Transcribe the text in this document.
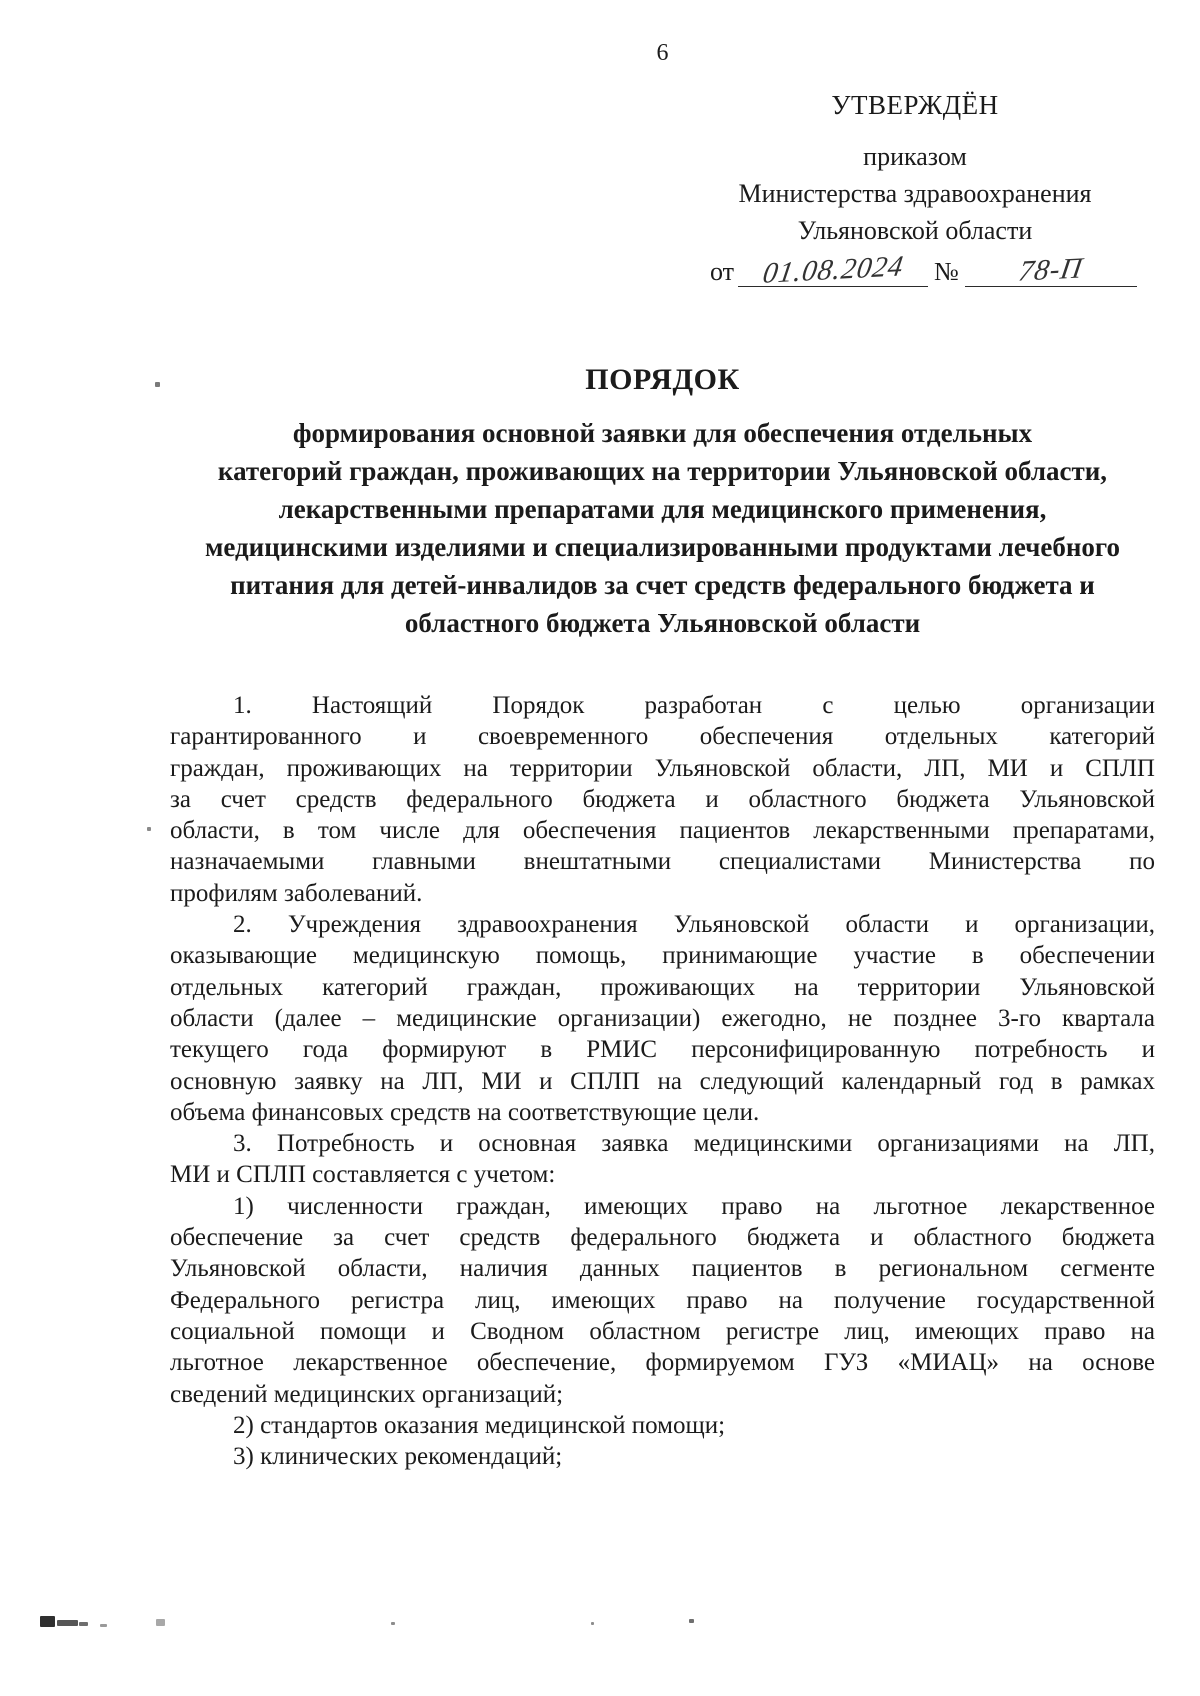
6
УТВЕРЖДЁН
приказом
Министерства здравоохранения
Ульяновской области
от 01.08.2024	№	78-П
ПОРЯДОК
формирования основной заявки для обеспечения отдельных
категорий граждан, проживающих на территории Ульяновской области,
лекарственными препаратами для медицинского применения,
медицинскими изделиями и специализированными продуктами лечебного
питания для детей-инвалидов за счет средств федерального бюджета и
областного бюджета Ульяновской области
1. Настоящий Порядок разработан с целью организации
гарантированного и своевременного обеспечения отдельных категорий
граждан, проживающих на территории Ульяновской области, ЛП, МИ и СПЛП
за счет средств федерального бюджета и областного бюджета Ульяновской
области, в том числе для обеспечения пациентов лекарственными препаратами,
назначаемыми главными внештатными специалистами Министерства по
профилям заболеваний.
2. Учреждения здравоохранения Ульяновской области и организации,
оказывающие медицинскую помощь, принимающие участие в обеспечении
отдельных категорий граждан, проживающих на территории Ульяновской
области (далее – медицинские организации) ежегодно, не позднее 3-го квартала
текущего года формируют в РМИС персонифицированную потребность и
основную заявку на ЛП, МИ и СПЛП на следующий календарный год в рамках
объема финансовых средств на соответствующие цели.
3. Потребность и основная заявка медицинскими организациями на ЛП,
МИ и СПЛП составляется с учетом:
1) численности граждан, имеющих право на льготное лекарственное
обеспечение за счет средств федерального бюджета и областного бюджета
Ульяновской области, наличия данных пациентов в региональном сегменте
Федерального регистра лиц, имеющих право на получение государственной
социальной помощи и Сводном областном регистре лиц, имеющих право на
льготное лекарственное обеспечение, формируемом ГУЗ «МИАЦ» на основе
сведений медицинских организаций;
2) стандартов оказания медицинской помощи;
3) клинических рекомендаций;
